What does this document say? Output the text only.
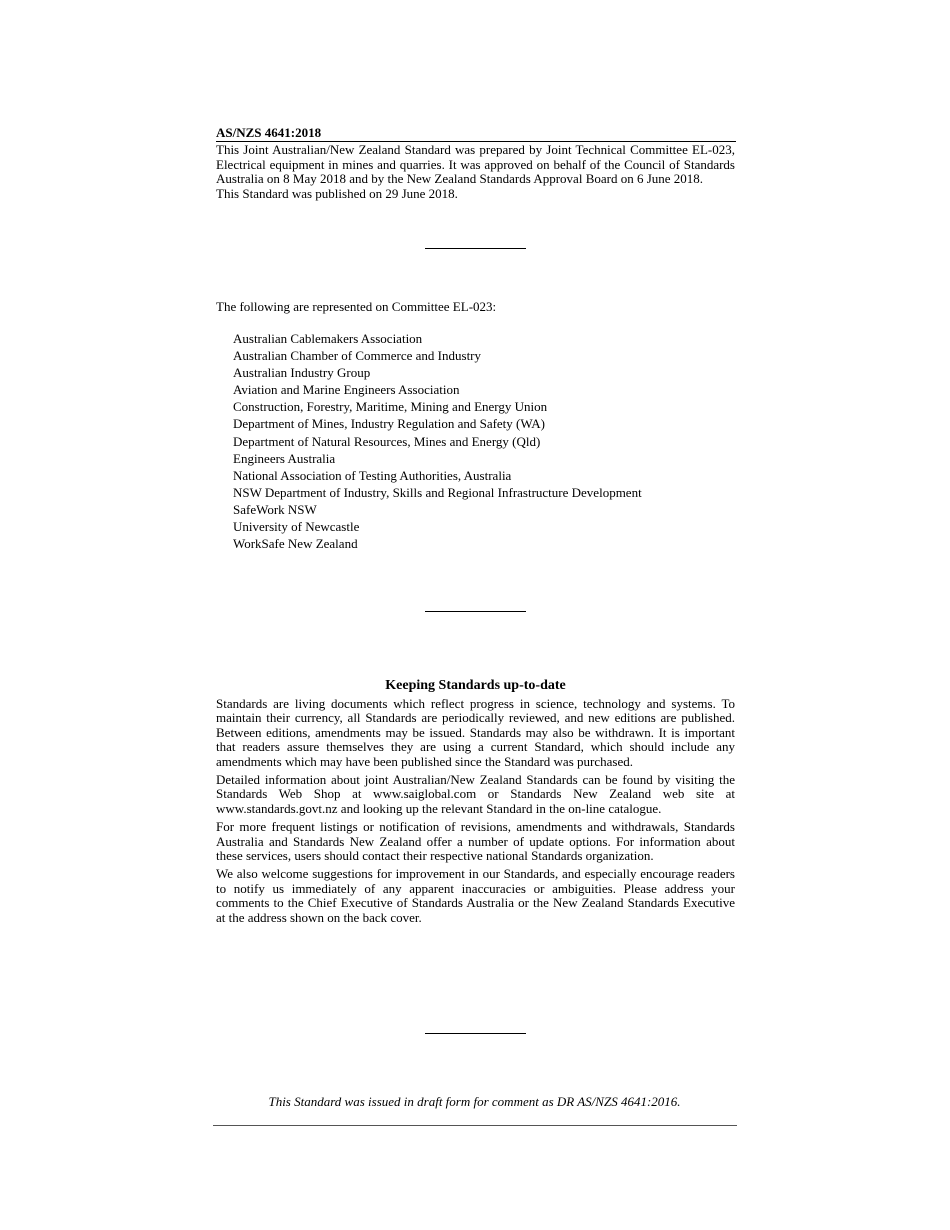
AS/NZS 4641:2018

This Joint Australian/New Zealand Standard was prepared by Joint Technical Committee EL-023, Electrical equipment in mines and quarries. It was approved on behalf of the Council of Standards Australia on 8 May 2018 and by the New Zealand Standards Approval Board on 6 June 2018.

This Standard was published on 29 June 2018.

The following are represented on Committee EL-023:

Australian Cablemakers Association
Australian Chamber of Commerce and Industry
Australian Industry Group
Aviation and Marine Engineers Association
Construction, Forestry, Maritime, Mining and Energy Union
Department of Mines, Industry Regulation and Safety (WA)
Department of Natural Resources, Mines and Energy (Qld)
Engineers Australia
National Association of Testing Authorities, Australia
NSW Department of Industry, Skills and Regional Infrastructure Development
SafeWork NSW
University of Newcastle
WorkSafe New Zealand
Keeping Standards up-to-date

Standards are living documents which reflect progress in science, technology and systems. To maintain their currency, all Standards are periodically reviewed, and new editions are published. Between editions, amendments may be issued. Standards may also be withdrawn. It is important that readers assure themselves they are using a current Standard, which should include any amendments which may have been published since the Standard was purchased.

Detailed information about joint Australian/New Zealand Standards can be found by visiting the Standards Web Shop at www.saiglobal.com or Standards New Zealand web site at www.standards.govt.nz and looking up the relevant Standard in the on-line catalogue.

For more frequent listings or notification of revisions, amendments and withdrawals, Standards Australia and Standards New Zealand offer a number of update options. For information about these services, users should contact their respective national Standards organization.

We also welcome suggestions for improvement in our Standards, and especially encourage readers to notify us immediately of any apparent inaccuracies or ambiguities. Please address your comments to the Chief Executive of Standards Australia or the New Zealand Standards Executive at the address shown on the back cover.

This Standard was issued in draft form for comment as DR AS/NZS 4641:2016.
